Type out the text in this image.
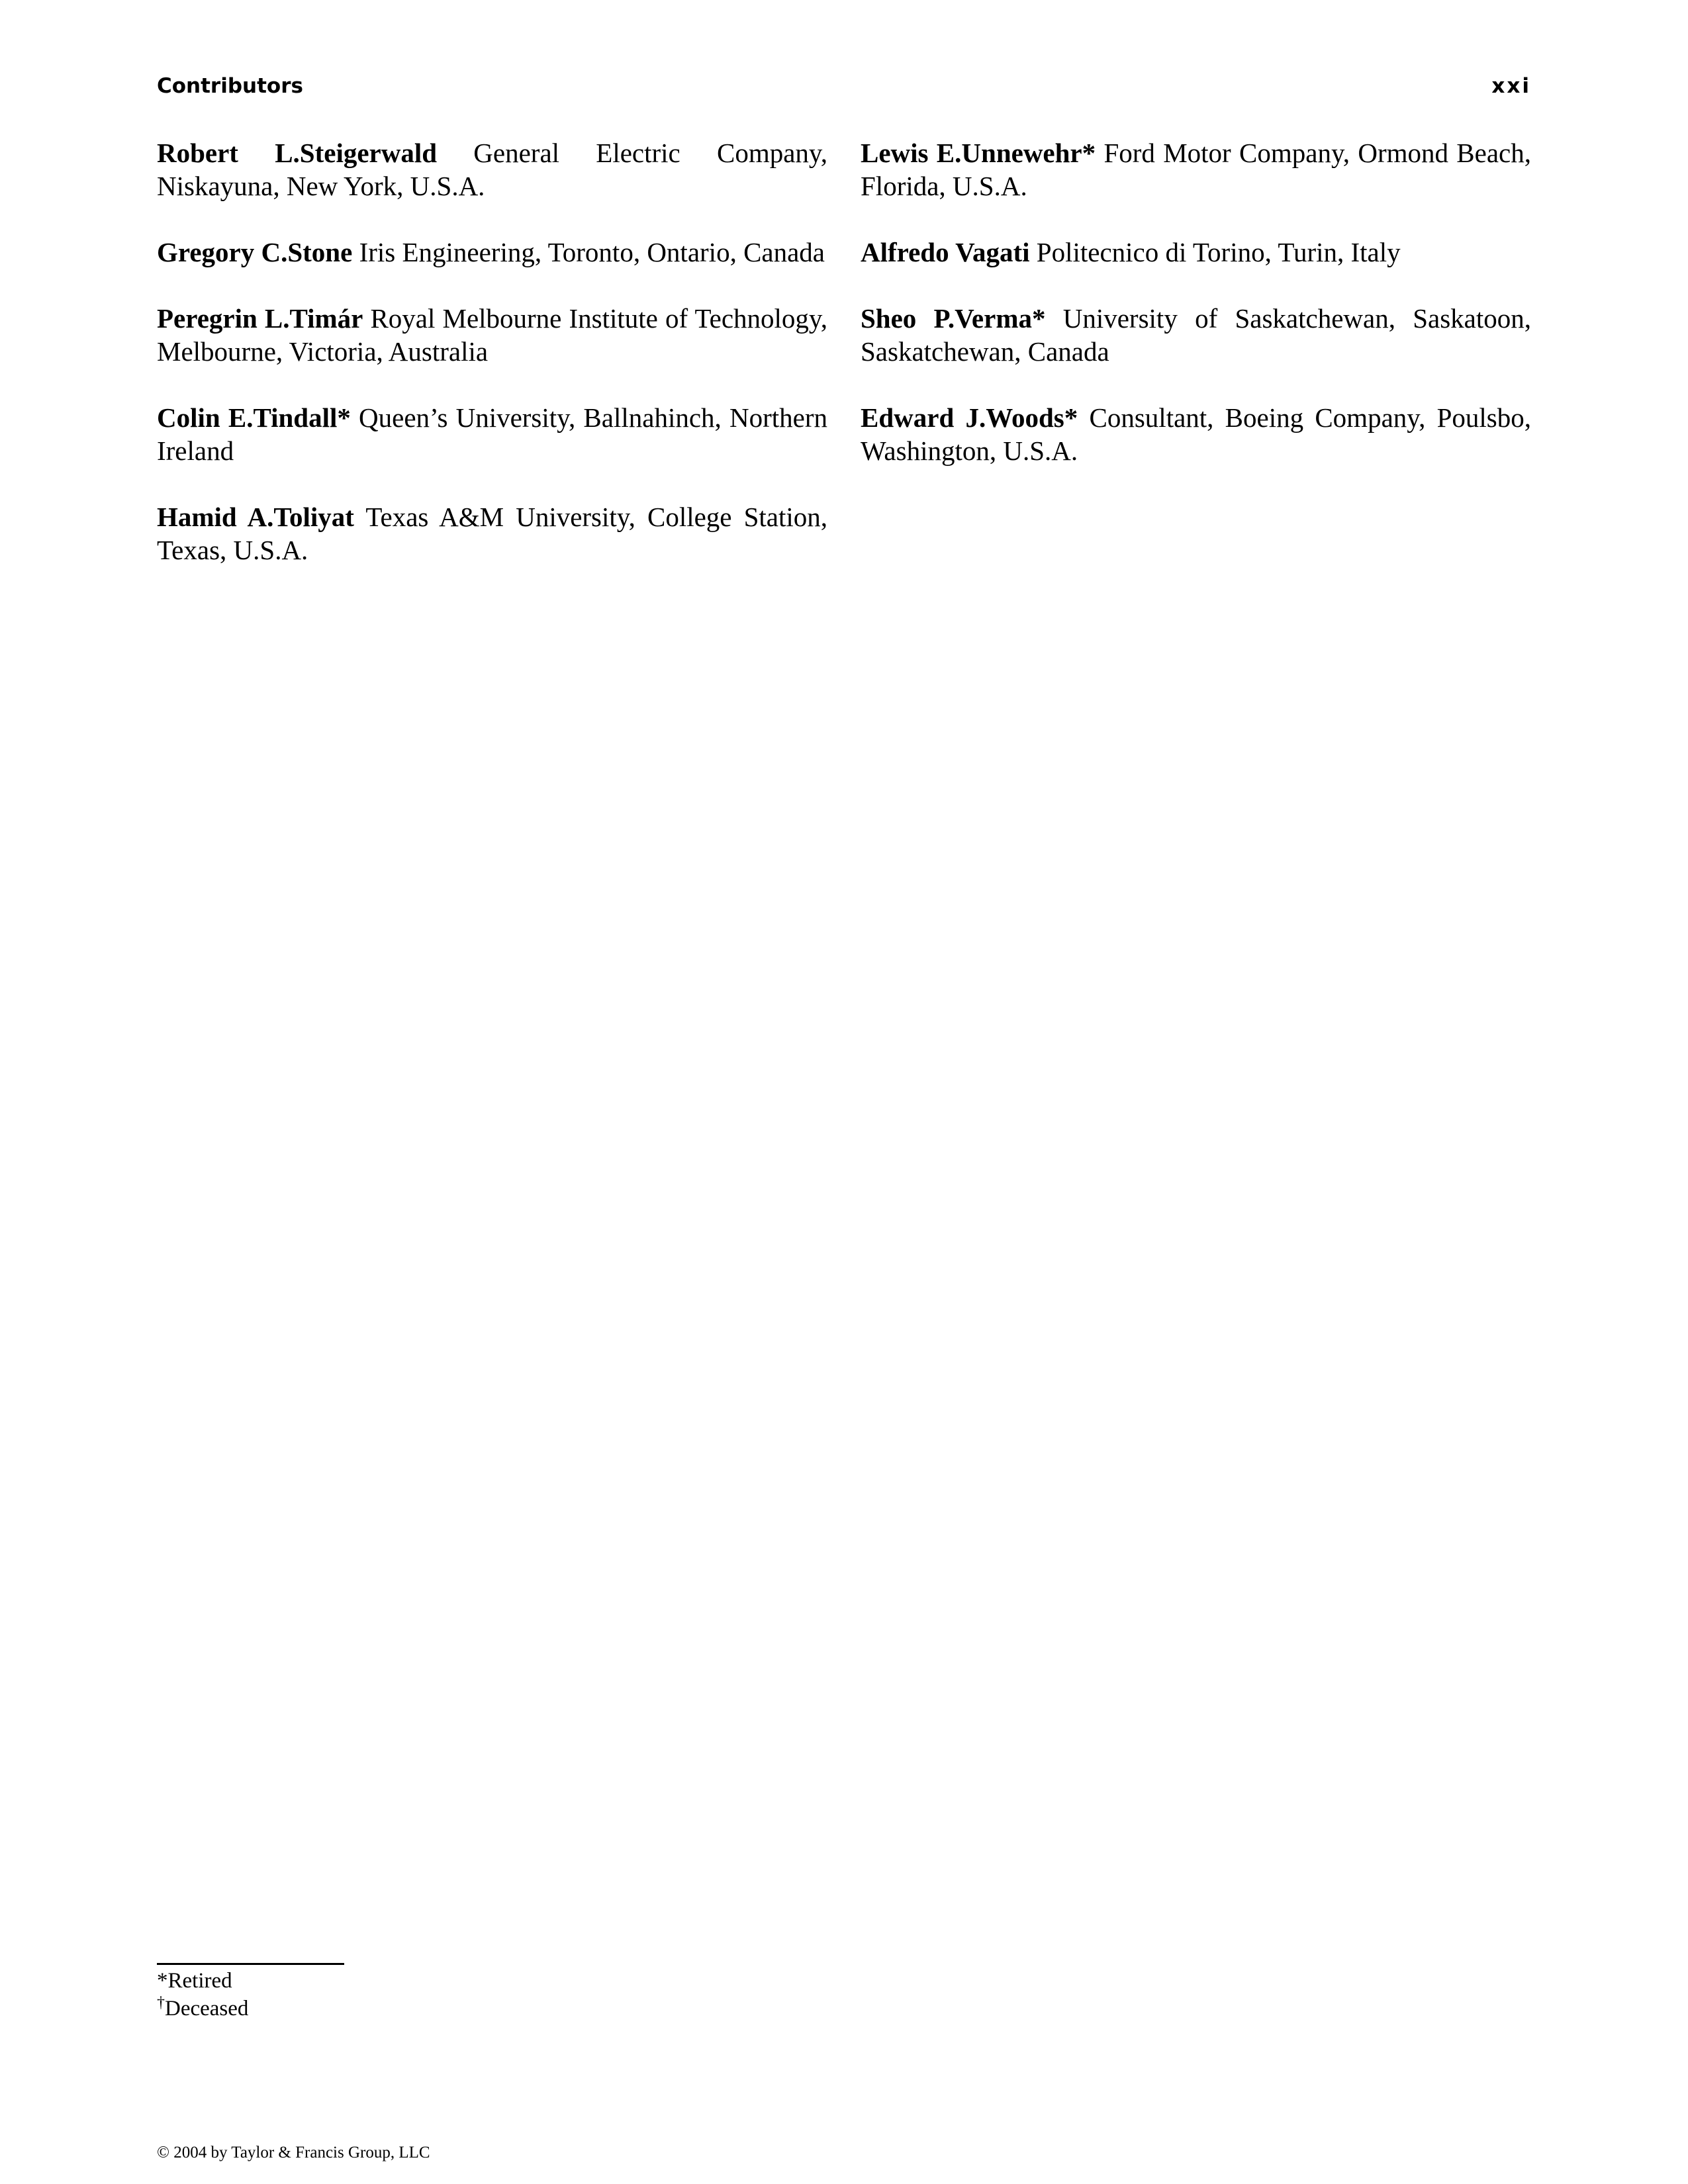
Contributors	xxi

Robert L.Steigerwald General Electric Company, Niskayuna, New York, U.S.A.

Gregory C.Stone Iris Engineering, Toronto, Ontario, Canada

Peregrin L.Timár Royal Melbourne Institute of Technology, Melbourne, Victoria, Australia

Colin E.Tindall* Queen’s University, Ballnahinch, Northern Ireland

Hamid A.Toliyat Texas A&M University, College Station, Texas, U.S.A.

Lewis E.Unnewehr* Ford Motor Company, Ormond Beach, Florida, U.S.A.

Alfredo Vagati Politecnico di Torino, Turin, Italy

Sheo P.Verma* University of Saskatchewan, Saskatoon, Saskatchewan, Canada

Edward J.Woods* Consultant, Boeing Company, Poulsbo, Washington, U.S.A.

*Retired
†Deceased
© 2004 by Taylor & Francis Group, LLC
